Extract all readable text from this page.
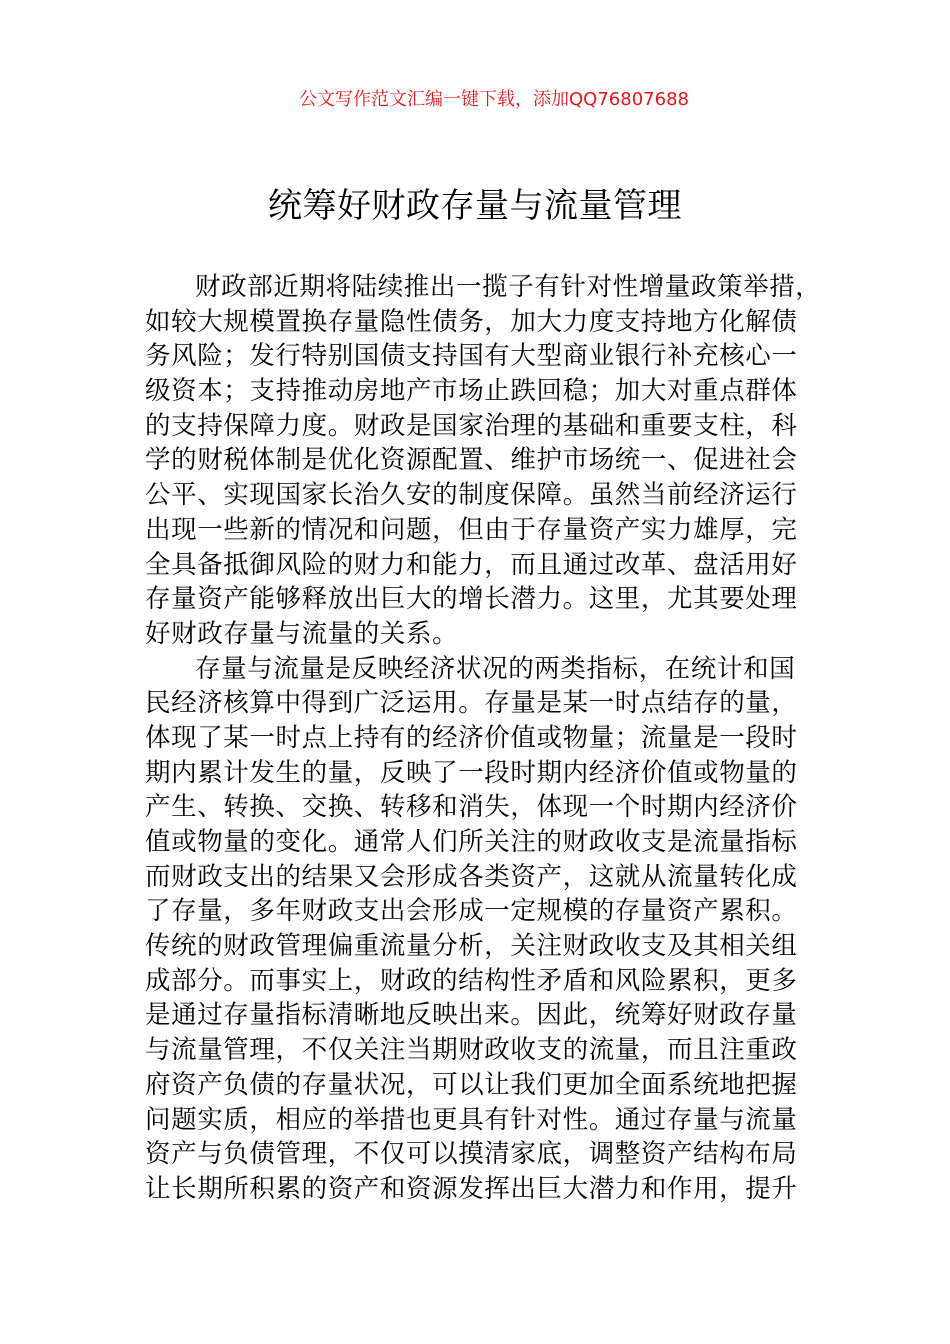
公文写作范文汇编一键下载，添加QQ76807688
统筹好财政存量与流量管理
财政部近期将陆续推出一揽子有针对性增量政策举措，
如较大规模置换存量隐性债务，加大力度支持地方化解债
务风险；发行特别国债支持国有大型商业银行补充核心一
级资本；支持推动房地产市场止跌回稳；加大对重点群体
的支持保障力度。财政是国家治理的基础和重要支柱，科
学的财税体制是优化资源配置、维护市场统一、促进社会
公平、实现国家长治久安的制度保障。虽然当前经济运行
出现一些新的情况和问题，但由于存量资产实力雄厚，完
全具备抵御风险的财力和能力，而且通过改革、盘活用好
存量资产能够释放出巨大的增长潜力。这里，尤其要处理
好财政存量与流量的关系。
存量与流量是反映经济状况的两类指标，在统计和国
民经济核算中得到广泛运用。存量是某一时点结存的量，
体现了某一时点上持有的经济价值或物量；流量是一段时
期内累计发生的量，反映了一段时期内经济价值或物量的
产生、转换、交换、转移和消失，体现一个时期内经济价
值或物量的变化。通常人们所关注的财政收支是流量指标
而财政支出的结果又会形成各类资产，这就从流量转化成
了存量，多年财政支出会形成一定规模的存量资产累积。
传统的财政管理偏重流量分析，关注财政收支及其相关组
成部分。而事实上，财政的结构性矛盾和风险累积，更多
是通过存量指标清晰地反映出来。因此，统筹好财政存量
与流量管理，不仅关注当期财政收支的流量，而且注重政
府资产负债的存量状况，可以让我们更加全面系统地把握
问题实质，相应的举措也更具有针对性。通过存量与流量
资产与负债管理，不仅可以摸清家底，调整资产结构布局
让长期所积累的资产和资源发挥出巨大潜力和作用，提升
